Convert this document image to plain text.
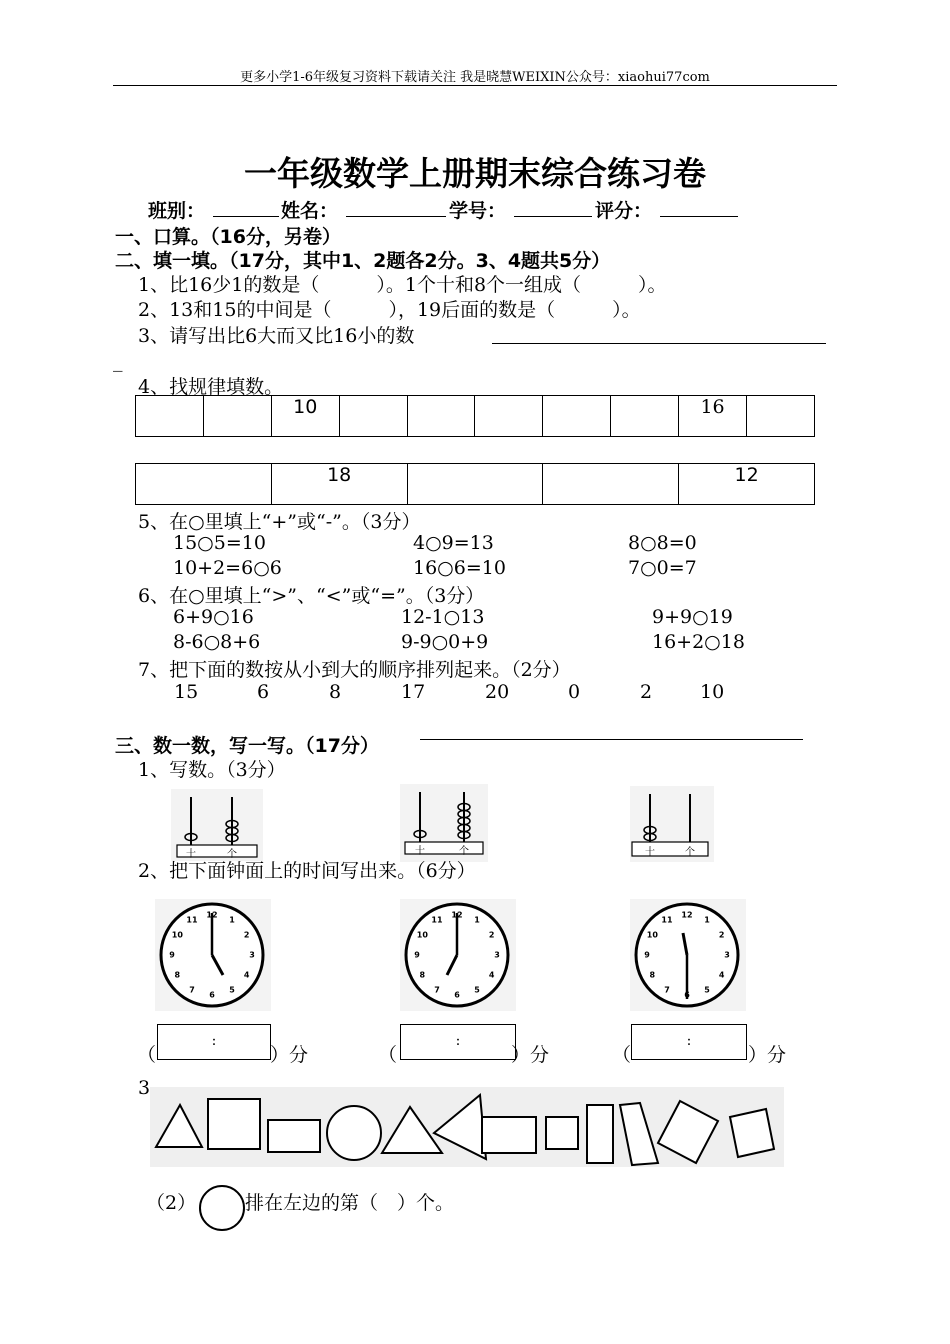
更多小学1-6年级复习资料下载请关注 我是晓慧WEIXIN公众号：xiaohui77com
一年级数学上册期末综合练习卷
班别：	姓名：	学号：	评分：
一、口算。（16分，另卷）
二、填一填。（17分，其中1、2题各2分。3、4题共5分）
1、比16少1的数是（　　　）。1个十和8个一组成（　　　）。
2、13和15的中间是（　　　），19后面的数是（　　　）。
3、请写出比6大而又比16小的数
_
4、找规律填数。
		10						16	
	18			12
5、在○里填上“+”或“-”。（3分）
15○5=10	4○9=13	8○8=0
10+2=6○6	16○6=10	7○0=7
6、在○里填上“>”、“<”或“=”。（3分）
6+9○16	12-1○13	9+9○19
8-6○8+6	9-9○0+9	16+2○18
7、把下面的数按从小到大的顺序排列起来。（2分）
15	6	8	17	20	0	2	10
三、数一数，写一写。（17分）
1、写数。（3分）
十	个	十	个	十	个
2、把下面钟面上的时间写出来。（6分）
12
1
2
3
4
5
6
7
8
9
10
11
12
1
2
3
4
5
6
7
8
9
10
11
12
1
2
3
4
5
6
7
8
9
10
11
（
:
）分	（
:
）分	（
:
）分
3
（2）	排在左边的第（　）个。
